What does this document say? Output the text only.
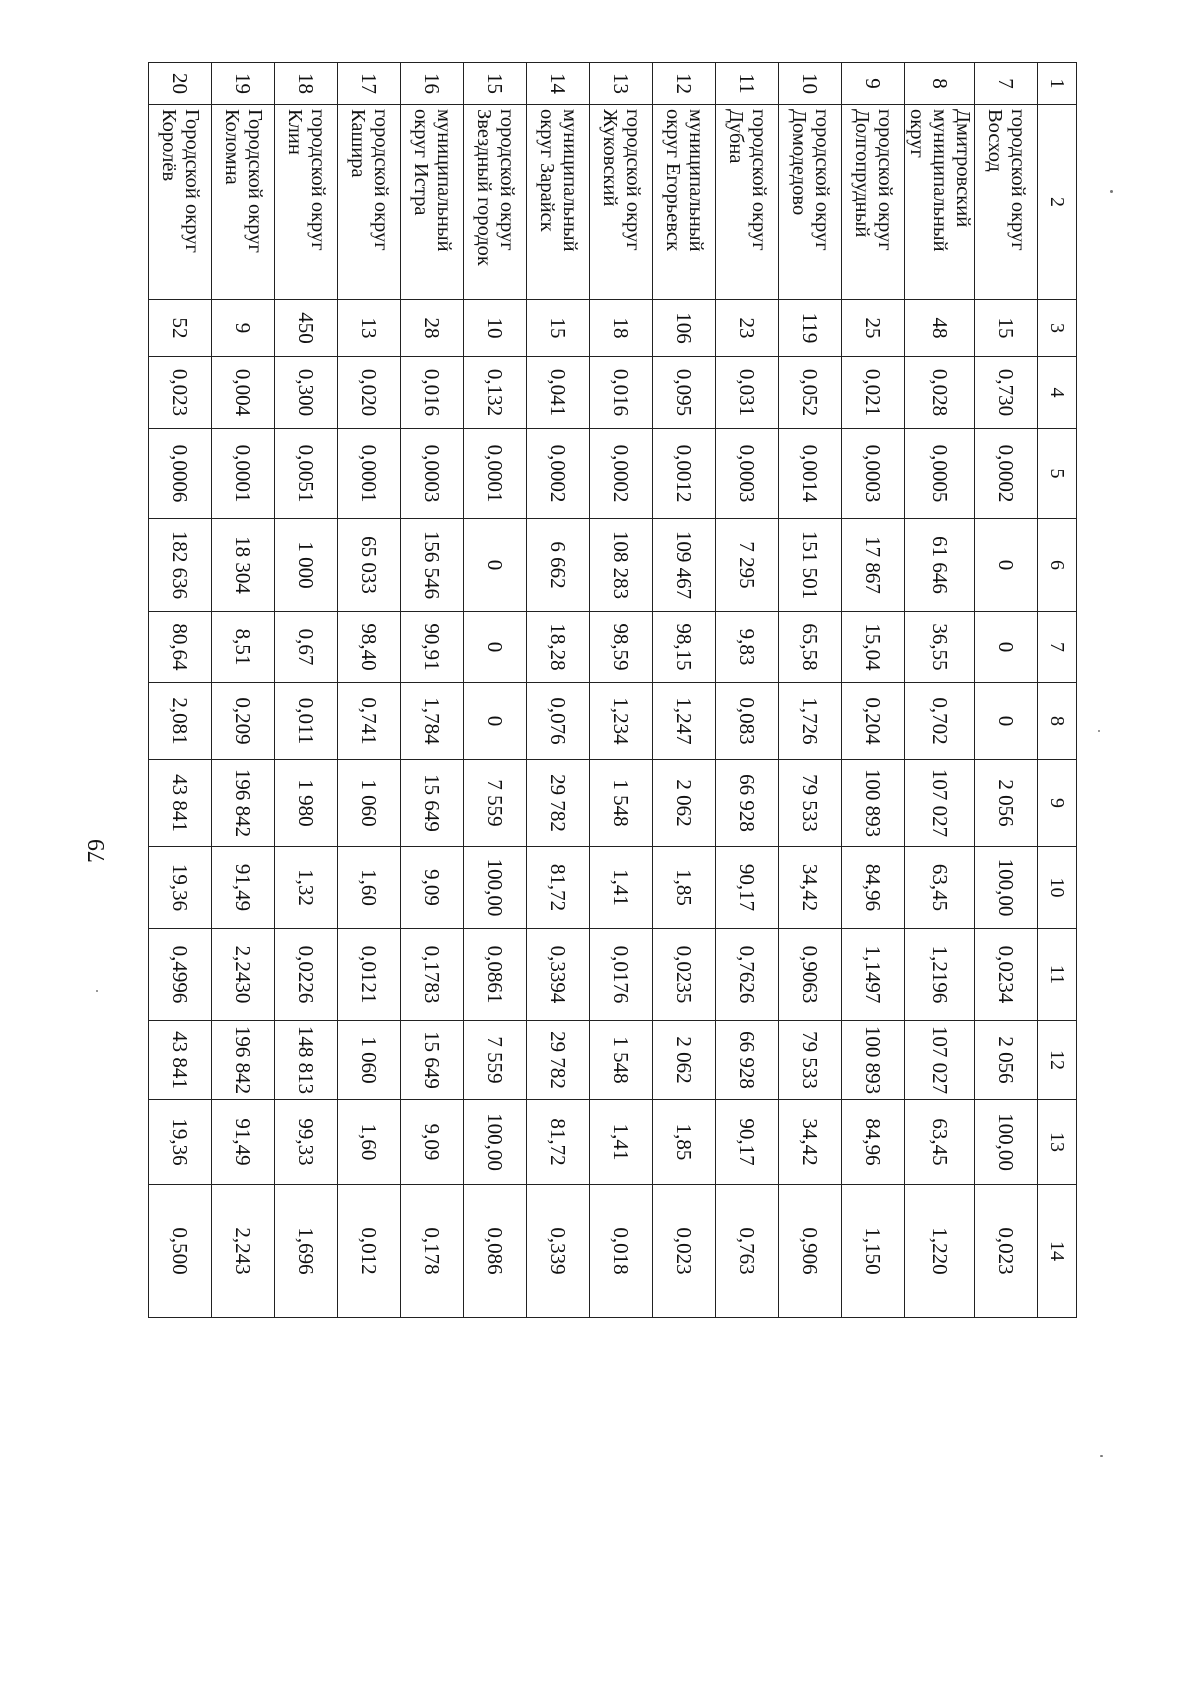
79
1	2	3	4	5	6	7	8	9	10	11	12	13	14
7	городской округ Восход	15	0,730	0,0002	0	0	0	2 056	100,00	0,0234	2 056	100,00	0,023
8	Дмитровский муниципальный округ	48	0,028	0,0005	61 646	36,55	0,702	107 027	63,45	1,2196	107 027	63,45	1,220
9	городской округ Долгопрудный	25	0,021	0,0003	17 867	15,04	0,204	100 893	84,96	1,1497	100 893	84,96	1,150
10	городской округ Домодедово	119	0,052	0,0014	151 501	65,58	1,726	79 533	34,42	0,9063	79 533	34,42	0,906
11	городской округ Дубна	23	0,031	0,0003	7 295	9,83	0,083	66 928	90,17	0,7626	66 928	90,17	0,763
12	муниципальный округ Егорьевск	106	0,095	0,0012	109 467	98,15	1,247	2 062	1,85	0,0235	2 062	1,85	0,023
13	городской округ Жуковский	18	0,016	0,0002	108 283	98,59	1,234	1 548	1,41	0,0176	1 548	1,41	0,018
14	муниципальный округ Зарайск	15	0,041	0,0002	6 662	18,28	0,076	29 782	81,72	0,3394	29 782	81,72	0,339
15	городской округ Звездный городок	10	0,132	0,0001	0	0	0	7 559	100,00	0,0861	7 559	100,00	0,086
16	муниципальный округ Истра	28	0,016	0,0003	156 546	90,91	1,784	15 649	9,09	0,1783	15 649	9,09	0,178
17	городской округ Кашира	13	0,020	0,0001	65 033	98,40	0,741	1 060	1,60	0,0121	1 060	1,60	0,012
18	городской округ Клин	450	0,300	0,0051	1 000	0,67	0,011	1 980	1,32	0,0226	148 813	99,33	1,696
19	Городской округ Коломна	9	0,004	0,0001	18 304	8,51	0,209	196 842	91,49	2,2430	196 842	91,49	2,243
20	Городской округ Королёв	52	0,023	0,0006	182 636	80,64	2,081	43 841	19,36	0,4996	43 841	19,36	0,500
